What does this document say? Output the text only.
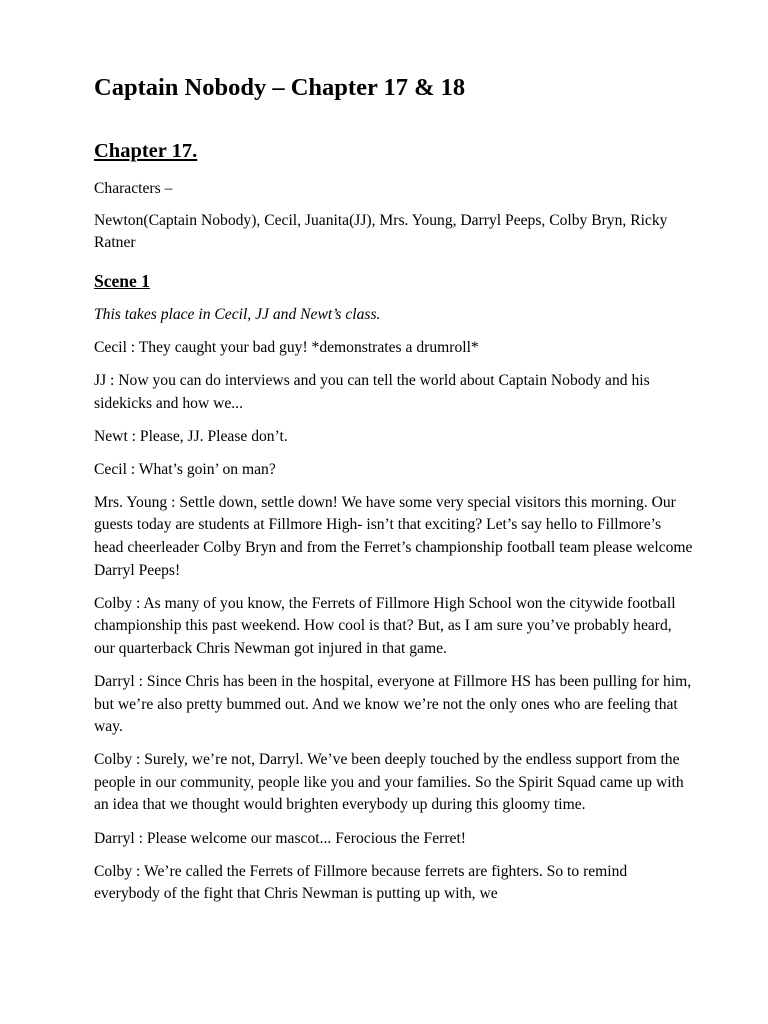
Captain Nobody – Chapter 17 & 18
Chapter 17.

Characters –

Newton(Captain Nobody), Cecil, Juanita(JJ), Mrs. Young, Darryl Peeps, Colby Bryn, Ricky Ratner

Scene 1

This takes place in Cecil, JJ and Newt’s class.

Cecil : They caught your bad guy! *demonstrates a drumroll*

JJ : Now you can do interviews and you can tell the world about Captain Nobody and his sidekicks and how we...

Newt : Please, JJ. Please don’t.

Cecil : What’s goin’ on man?

Mrs. Young : Settle down, settle down! We have some very special visitors this morning. Our guests today are students at Fillmore High- isn’t that exciting? Let’s say hello to Fillmore’s head cheerleader Colby Bryn and from the Ferret’s championship football team please welcome Darryl Peeps!

Colby : As many of you know, the Ferrets of Fillmore High School won the citywide football championship this past weekend. How cool is that? But, as I am sure you’ve probably heard, our quarterback Chris Newman got injured in that game.

Darryl : Since Chris has been in the hospital, everyone at Fillmore HS has been pulling for him, but we’re also pretty bummed out. And we know we’re not the only ones who are feeling that way.

Colby : Surely, we’re not, Darryl. We’ve been deeply touched by the endless support from the people in our community, people like you and your families. So the Spirit Squad came up with an idea that we thought would brighten everybody up during this gloomy time.

Darryl : Please welcome our mascot... Ferocious the Ferret!

Colby : We’re called the Ferrets of Fillmore because ferrets are fighters. So to remind everybody of the fight that Chris Newman is putting up with, we
